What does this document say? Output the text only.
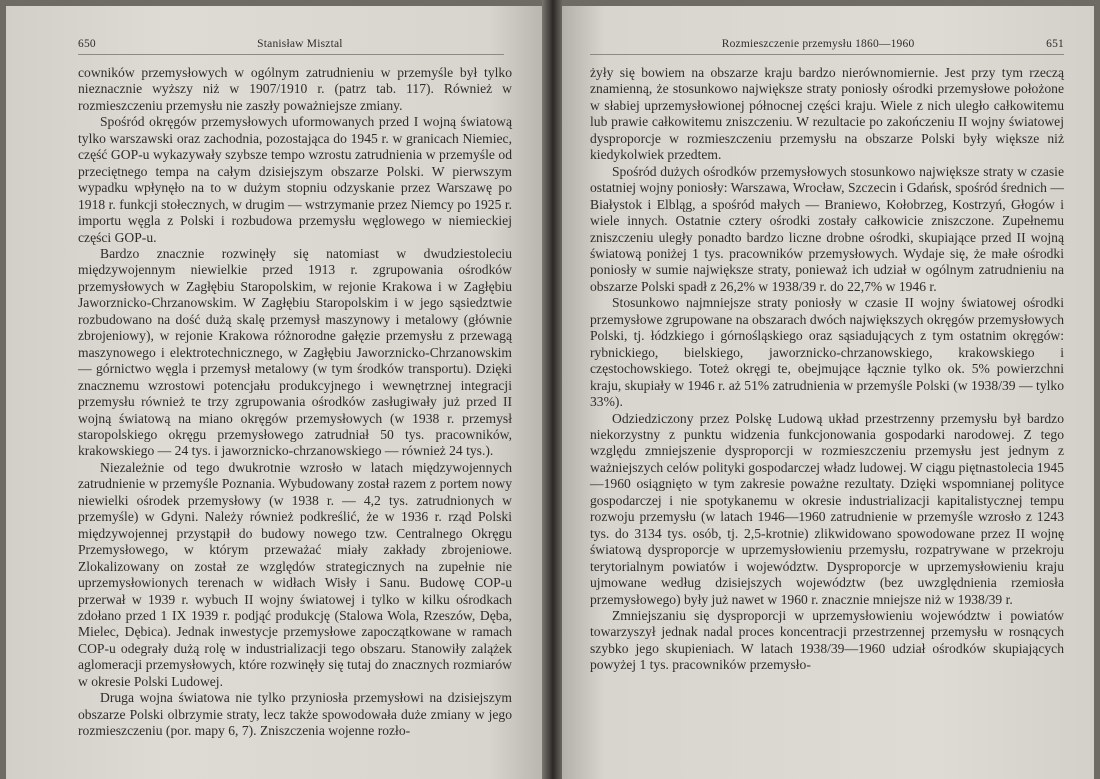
650	Stanisław Misztal

cowników przemysłowych w ogólnym zatrudnieniu w przemyśle był tylko nieznacznie wyższy niż w 1907/1910 r. (patrz tab. 117). Również w rozmieszczeniu przemysłu nie zaszły poważniejsze zmiany.

Spośród okręgów przemysłowych uformowanych przed I wojną światową tylko warszawski oraz zachodnia, pozostająca do 1945 r. w granicach Niemiec, część GOP-u wykazywały szybsze tempo wzrostu zatrudnienia w przemyśle od przeciętnego tempa na całym dzisiejszym obszarze Polski. W pierwszym wypadku wpłynęło na to w dużym stopniu odzyskanie przez Warszawę po 1918 r. funkcji stołecznych, w drugim — wstrzymanie przez Niemcy po 1925 r. importu węgla z Polski i rozbudowa przemysłu węglowego w niemieckiej części GOP-u.

Bardzo znacznie rozwinęły się natomiast w dwudziestoleciu międzywojennym niewielkie przed 1913 r. zgrupowania ośrodków przemysłowych w Zagłębiu Staropolskim, w rejonie Krakowa i w Zagłębiu Jaworznicko-Chrzanowskim. W Zagłębiu Staropolskim i w jego sąsiedztwie rozbudowano na dość dużą skalę przemysł maszynowy i metalowy (głównie zbrojeniowy), w rejonie Krakowa różnorodne gałęzie przemysłu z przewagą maszynowego i elektrotechnicznego, w Zagłębiu Jaworznicko-Chrzanowskim — górnictwo węgla i przemysł metalowy (w tym środków transportu). Dzięki znacznemu wzrostowi potencjału produkcyjnego i wewnętrznej integracji przemysłu również te trzy zgrupowania ośrodków zasługiwały już przed II wojną światową na miano okręgów przemysłowych (w 1938 r. przemysł staropolskiego okręgu przemysłowego zatrudniał 50 tys. pracowników, krakowskiego — 24 tys. i jaworznicko-chrzanowskiego — również 24 tys.).

Niezależnie od tego dwukrotnie wzrosło w latach międzywojennych zatrudnienie w przemyśle Poznania. Wybudowany został razem z portem nowy niewielki ośrodek przemysłowy (w 1938 r. — 4,2 tys. zatrudnionych w przemyśle) w Gdyni. Należy również podkreślić, że w 1936 r. rząd Polski międzywojennej przystąpił do budowy nowego tzw. Centralnego Okręgu Przemysłowego, w którym przeważać miały zakłady zbrojeniowe. Zlokalizowany on został ze względów strategicznych na zupełnie nie uprzemysłowionych terenach w widłach Wisły i Sanu. Budowę COP-u przerwał w 1939 r. wybuch II wojny światowej i tylko w kilku ośrodkach zdołano przed 1 IX 1939 r. podjąć produkcję (Stalowa Wola, Rzeszów, Dęba, Mielec, Dębica). Jednak inwestycje przemysłowe zapoczątkowane w ramach COP-u odegrały dużą rolę w industrializacji tego obszaru. Stanowiły zalążek aglomeracji przemysłowych, które rozwinęły się tutaj do znacznych rozmiarów w okresie Polski Ludowej.

Druga wojna światowa nie tylko przyniosła przemysłowi na dzisiejszym obszarze Polski olbrzymie straty, lecz także spowodowała duże zmiany w jego rozmieszczeniu (por. mapy 6, 7). Zniszczenia wojenne rozło-

Rozmieszczenie przemysłu 1860—1960	651

żyły się bowiem na obszarze kraju bardzo nierównomiernie. Jest przy tym rzeczą znamienną, że stosunkowo największe straty poniosły ośrodki przemysłowe położone w słabiej uprzemysłowionej północnej części kraju. Wiele z nich uległo całkowitemu lub prawie całkowitemu zniszczeniu. W rezultacie po zakończeniu II wojny światowej dysproporcje w rozmieszczeniu przemysłu na obszarze Polski były większe niż kiedykolwiek przedtem.

Spośród dużych ośrodków przemysłowych stosunkowo największe straty w czasie ostatniej wojny poniosły: Warszawa, Wrocław, Szczecin i Gdańsk, spośród średnich — Białystok i Elbląg, a spośród małych — Braniewo, Kołobrzeg, Kostrzyń, Głogów i wiele innych. Ostatnie cztery ośrodki zostały całkowicie zniszczone. Zupełnemu zniszczeniu uległy ponadto bardzo liczne drobne ośrodki, skupiające przed II wojną światową poniżej 1 tys. pracowników przemysłowych. Wydaje się, że małe ośrodki poniosły w sumie największe straty, ponieważ ich udział w ogólnym zatrudnieniu na obszarze Polski spadł z 26,2% w 1938/39 r. do 22,7% w 1946 r.

Stosunkowo najmniejsze straty poniosły w czasie II wojny światowej ośrodki przemysłowe zgrupowane na obszarach dwóch największych okręgów przemysłowych Polski, tj. łódzkiego i górnośląskiego oraz sąsiadujących z tym ostatnim okręgów: rybnickiego, bielskiego, jaworznicko-chrzanowskiego, krakowskiego i częstochowskiego. Toteż okręgi te, obejmujące łącznie tylko ok. 5% powierzchni kraju, skupiały w 1946 r. aż 51% zatrudnienia w przemyśle Polski (w 1938/39 — tylko 33%).

Odziedziczony przez Polskę Ludową układ przestrzenny przemysłu był bardzo niekorzystny z punktu widzenia funkcjonowania gospodarki narodowej. Z tego względu zmniejszenie dysproporcji w rozmieszczeniu przemysłu jest jednym z ważniejszych celów polityki gospodarczej władz ludowej. W ciągu piętnastolecia 1945—1960 osiągnięto w tym zakresie poważne rezultaty. Dzięki wspomnianej polityce gospodarczej i nie spotykanemu w okresie industrializacji kapitalistycznej tempu rozwoju przemysłu (w latach 1946—1960 zatrudnienie w przemyśle wzrosło z 1243 tys. do 3134 tys. osób, tj. 2,5-krotnie) zlikwidowano spowodowane przez II wojnę światową dysproporcje w uprzemysłowieniu przemysłu, rozpatrywane w przekroju terytorialnym powiatów i województw. Dysproporcje w uprzemysłowieniu kraju ujmowane według dzisiejszych województw (bez uwzględnienia rzemiosła przemysłowego) były już nawet w 1960 r. znacznie mniejsze niż w 1938/39 r.

Zmniejszaniu się dysproporcji w uprzemysłowieniu województw i powiatów towarzyszył jednak nadal proces koncentracji przestrzennej przemysłu w rosnących szybko jego skupieniach. W latach 1938/39—1960 udział ośrodków skupiających powyżej 1 tys. pracowników przemysło-
